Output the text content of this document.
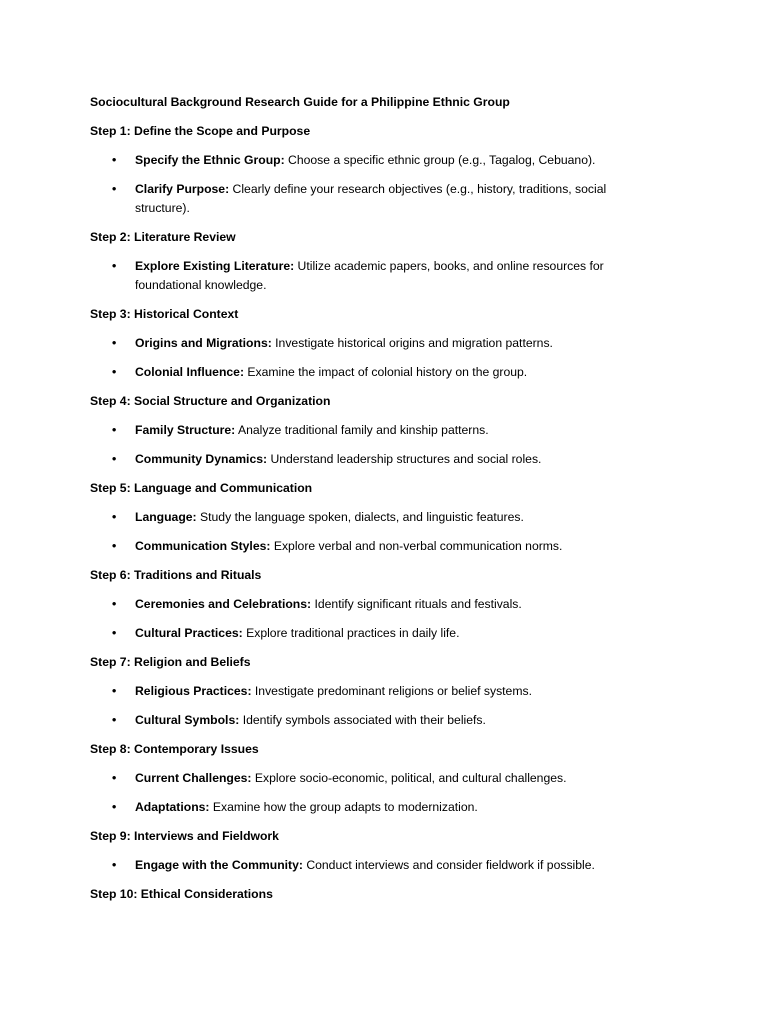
Sociocultural Background Research Guide for a Philippine Ethnic Group
Step 1: Define the Scope and Purpose
• Specify the Ethnic Group: Choose a specific ethnic group (e.g., Tagalog, Cebuano).
• Clarify Purpose: Clearly define your research objectives (e.g., history, traditions, social structure).
Step 2: Literature Review
• Explore Existing Literature: Utilize academic papers, books, and online resources for foundational knowledge.
Step 3: Historical Context
• Origins and Migrations: Investigate historical origins and migration patterns.
• Colonial Influence: Examine the impact of colonial history on the group.
Step 4: Social Structure and Organization
• Family Structure: Analyze traditional family and kinship patterns.
• Community Dynamics: Understand leadership structures and social roles.
Step 5: Language and Communication
• Language: Study the language spoken, dialects, and linguistic features.
• Communication Styles: Explore verbal and non-verbal communication norms.
Step 6: Traditions and Rituals
• Ceremonies and Celebrations: Identify significant rituals and festivals.
• Cultural Practices: Explore traditional practices in daily life.
Step 7: Religion and Beliefs
• Religious Practices: Investigate predominant religions or belief systems.
• Cultural Symbols: Identify symbols associated with their beliefs.
Step 8: Contemporary Issues
• Current Challenges: Explore socio-economic, political, and cultural challenges.
• Adaptations: Examine how the group adapts to modernization.
Step 9: Interviews and Fieldwork
• Engage with the Community: Conduct interviews and consider fieldwork if possible.
Step 10: Ethical Considerations
